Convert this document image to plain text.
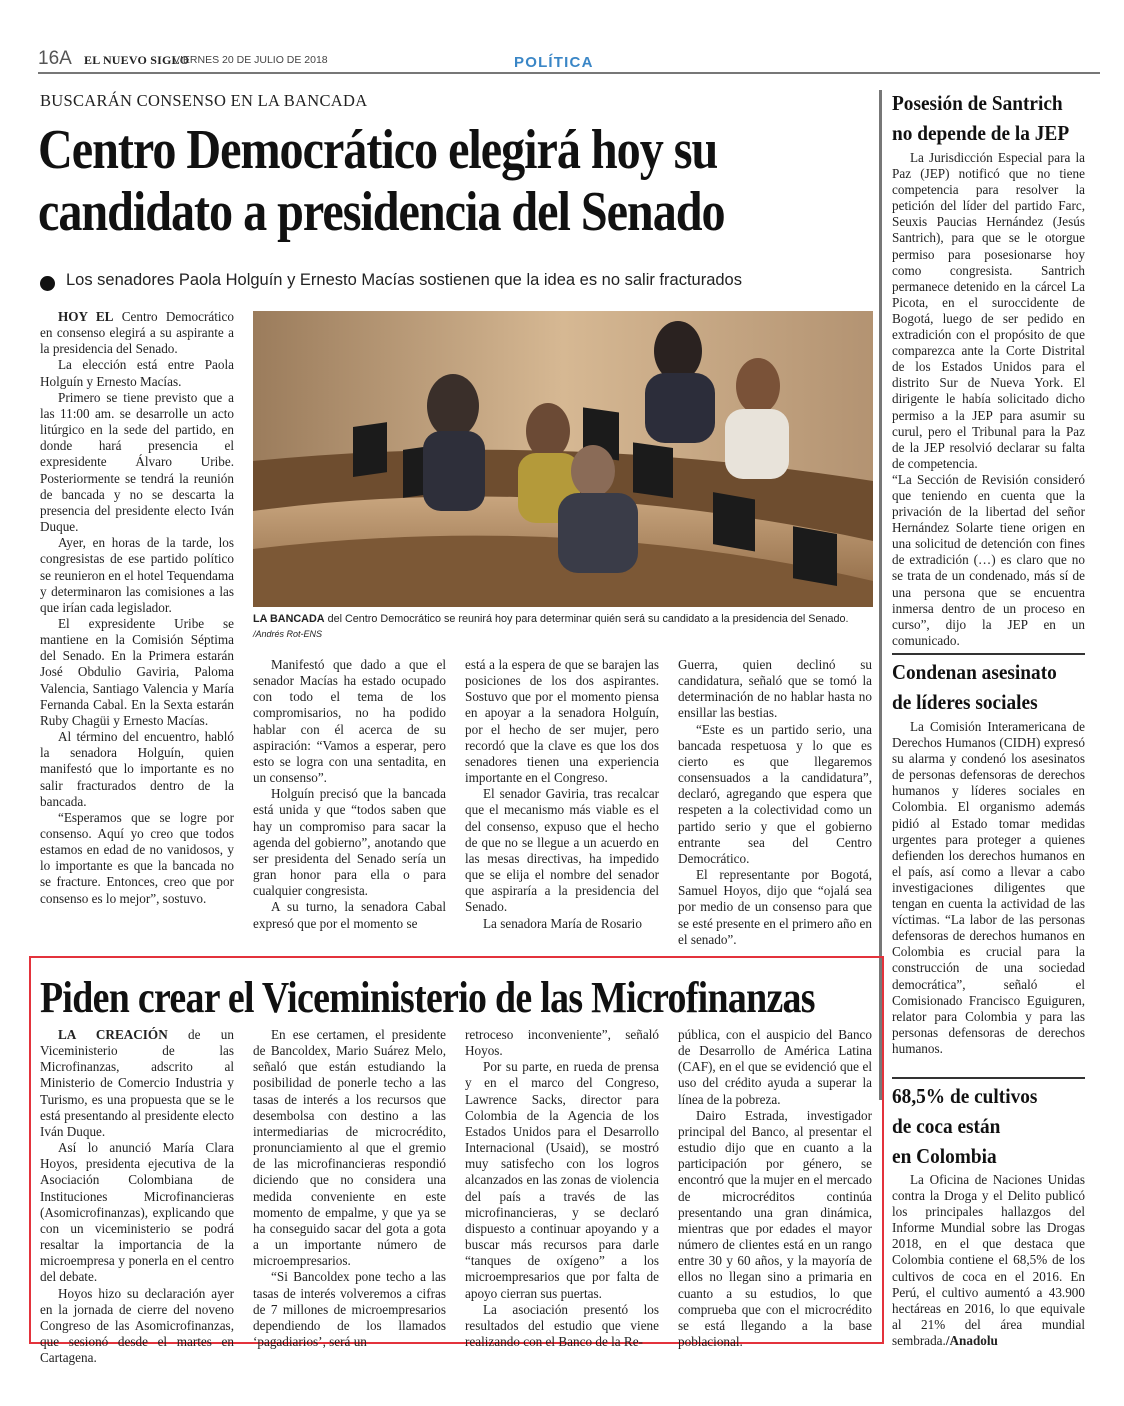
16A EL NUEVO SIGLO
VIERNES 20 DE JULIO DE 2018	POLÍTICA
BUSCARÁN CONSENSO EN LA BANCADA
Centro Democrático elegirá hoy su
candidato a presidencia del Senado
Los senadores Paola Holguín y Ernesto Macías sostienen que la idea es no salir fracturados

HOY EL Centro Democrático en consenso elegirá a su aspirante a la presidencia del Senado.

La elección está entre Paola Holguín y Ernesto Macías.

Primero se tiene previsto que a las 11:00 am. se desarrolle un acto litúrgico en la sede del partido, en donde hará presencia el expresidente Álvaro Uribe. Posteriormente se tendrá la reunión de bancada y no se descarta la presencia del presidente electo Iván Duque.

Ayer, en horas de la tarde, los congresistas de ese partido político se reunieron en el hotel Tequendama y determinaron las comisiones a las que irían cada legislador.

El expresidente Uribe se mantiene en la Comisión Séptima del Senado. En la Primera estarán José Obdulio Gaviria, Paloma Valencia, Santiago Valencia y María Fernanda Cabal. En la Sexta estarán Ruby Chagüi y Ernesto Macías.

Al término del encuentro, habló la senadora Holguín, quien manifestó que lo importante es no salir fracturados dentro de la bancada.

“Esperamos que se logre por consenso. Aquí yo creo que todos estamos en edad de no vanidosos, y lo importante es que la bancada no se fracture. Entonces, creo que por consenso es lo mejor”, sostuvo.

LA BANCADA del Centro Democrático se reunirá hoy para determinar quién será su candidato a la presidencia del Senado. /Andrés Rot-ENS

Manifestó que dado a que el senador Macías ha estado ocupado con todo el tema de los compromisarios, no ha podido hablar con él acerca de su aspiración: “Vamos a esperar, pero esto se logra con una sentadita, en un consenso”.

Holguín precisó que la bancada está unida y que “todos saben que hay un compromiso para sacar la agenda del gobierno”, anotando que ser presidenta del Senado sería un gran honor para ella o para cualquier congresista.

A su turno, la senadora Cabal expresó que por el momento se

está a la espera de que se barajen las posiciones de los dos aspirantes. Sostuvo que por el momento piensa en apoyar a la senadora Holguín, por el hecho de ser mujer, pero recordó que la clave es que los dos senadores tienen una experiencia importante en el Congreso.

El senador Gaviria, tras recalcar que el mecanismo más viable es el del consenso, expuso que el hecho de que no se llegue a un acuerdo en las mesas directivas, ha impedido que se elija el nombre del senador que aspiraría a la presidencia del Senado.

La senadora María de Rosario

Guerra, quien declinó su candidatura, señaló que se tomó la determinación de no hablar hasta no ensillar las bestias.

“Este es un partido serio, una bancada respetuosa y lo que es cierto es que llegaremos consensuados a la candidatura”, declaró, agregando que espera que respeten a la colectividad como un partido serio y que el gobierno entrante sea del Centro Democrático.

El representante por Bogotá, Samuel Hoyos, dijo que “ojalá sea por medio de un consenso para que se esté presente en el primero año en el senado”.

Posesión de Santrich
no depende de la JEP

La Jurisdicción Especial para la Paz (JEP) notificó que no tiene competencia para resolver la petición del líder del partido Farc, Seuxis Paucias Hernández (Jesús Santrich), para que se le otorgue permiso para posesionarse hoy como congresista. Santrich permanece detenido en la cárcel La Picota, en el suroccidente de Bogotá, luego de ser pedido en extradición con el propósito de que comparezca ante la Corte Distrital de los Estados Unidos para el distrito Sur de Nueva York. El dirigente le había solicitado dicho permiso a la JEP para asumir su curul, pero el Tribunal para la Paz de la JEP resolvió declarar su falta de competencia.

“La Sección de Revisión consideró que teniendo en cuenta que la privación de la libertad del señor Hernández Solarte tiene origen en una solicitud de detención con fines de extradición (…) es claro que no se trata de un condenado, más sí de una persona que se encuentra inmersa dentro de un proceso en curso”, dijo la JEP en un comunicado.

Condenan asesinato
de líderes sociales

La Comisión Interamericana de Derechos Humanos (CIDH) expresó su alarma y condenó los asesinatos de personas defensoras de derechos humanos y líderes sociales en Colombia. El organismo además pidió al Estado tomar medidas urgentes para proteger a quienes defienden los derechos humanos en el país, así como a llevar a cabo investigaciones diligentes que tengan en cuenta la actividad de las víctimas. “La labor de las personas defensoras de derechos humanos en Colombia es crucial para la construcción de una sociedad democrática”, señaló el Comisionado Francisco Eguiguren, relator para Colombia y para las personas defensoras de derechos humanos.

68,5% de cultivos
de coca están
en Colombia

La Oficina de Naciones Unidas contra la Droga y el Delito publicó los principales hallazgos del Informe Mundial sobre las Drogas 2018, en el que destaca que Colombia contiene el 68,5% de los cultivos de coca en el 2016. En Perú, el cultivo aumentó a 43.900 hectáreas en 2016, lo que equivale al 21% del área mundial sembrada./Anadolu

Piden crear el Viceministerio de las Microfinanzas

LA CREACIÓN de un Viceministerio de las Microfinanzas, adscrito al Ministerio de Comercio Industria y Turismo, es una propuesta que se le está presentando al presidente electo Iván Duque.

Así lo anunció María Clara Hoyos, presidenta ejecutiva de la Asociación Colombiana de Instituciones Microfinancieras (Asomicrofinanzas), explicando que con un viceministerio se podrá resaltar la importancia de la microempresa y ponerla en el centro del debate.

Hoyos hizo su declaración ayer en la jornada de cierre del noveno Congreso de las Asomicrofinanzas, que sesionó desde el martes en Cartagena.

En ese certamen, el presidente de Bancoldex, Mario Suárez Melo, señaló que están estudiando la posibilidad de ponerle techo a las tasas de interés a los recursos que desembolsa con destino a las intermediarias de microcrédito, pronunciamiento al que el gremio de las microfinancieras respondió diciendo que no considera una medida conveniente en este momento de empalme, y que ya se ha conseguido sacar del gota a gota a un importante número de microempresarios.

“Si Bancoldex pone techo a las tasas de interés volveremos a cifras de 7 millones de microempresarios dependiendo de los llamados ‘pagadiarios’, será un

retroceso inconveniente”, señaló Hoyos.

Por su parte, en rueda de prensa y en el marco del Congreso, Lawrence Sacks, director para Colombia de la Agencia de los Estados Unidos para el Desarrollo Internacional (Usaid), se mostró muy satisfecho con los logros alcanzados en las zonas de violencia del país a través de las microfinancieras, y se declaró dispuesto a continuar apoyando y a buscar más recursos para darle “tanques de oxígeno” a los microempresarios que por falta de apoyo cierran sus puertas.

La asociación presentó los resultados del estudio que viene realizando con el Banco de la Re-

pública, con el auspicio del Banco de Desarrollo de América Latina (CAF), en el que se evidenció que el uso del crédito ayuda a superar la línea de la pobreza.

Dairo Estrada, investigador principal del Banco, al presentar el estudio dijo que en cuanto a la participación por género, se encontró que la mujer en el mercado de microcréditos continúa presentando una gran dinámica, mientras que por edades el mayor número de clientes está en un rango entre 30 y 60 años, y la mayoría de ellos no llegan sino a primaria en cuanto a su estudios, lo que comprueba que con el microcrédito se está llegando a la base poblacional.
